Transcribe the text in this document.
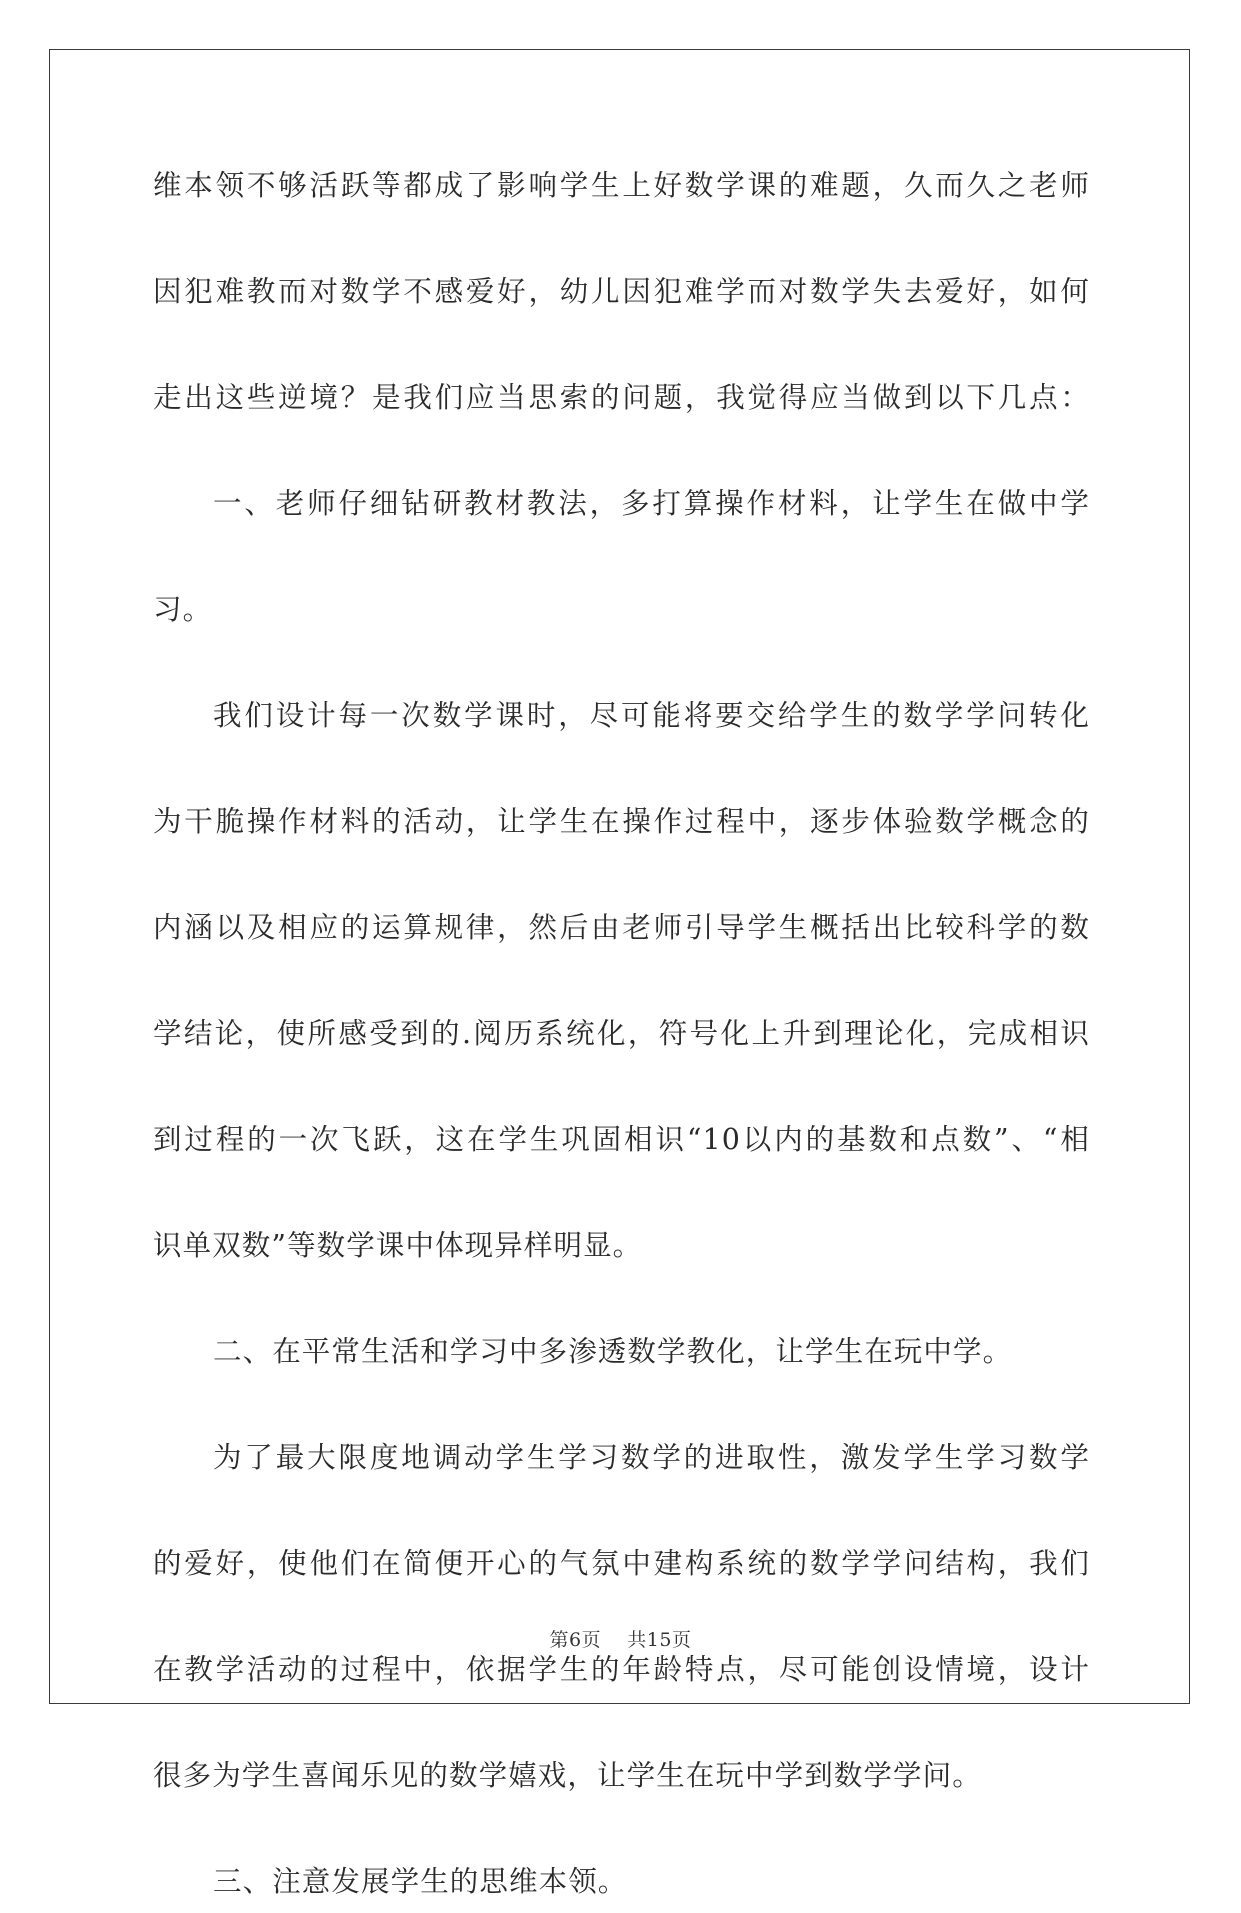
维本领不够活跃等都成了影响学生上好数学课的难题，久而久之老师
因犯难教而对数学不感爱好，幼儿因犯难学而对数学失去爱好，如何
走出这些逆境？是我们应当思索的问题，我觉得应当做到以下几点：
一、老师仔细钻研教材教法，多打算操作材料，让学生在做中学
习。
我们设计每一次数学课时，尽可能将要交给学生的数学学问转化
为干脆操作材料的活动，让学生在操作过程中，逐步体验数学概念的
内涵以及相应的运算规律，然后由老师引导学生概括出比较科学的数
学结论，使所感受到的.阅历系统化，符号化上升到理论化，完成相识
到过程的一次飞跃，这在学生巩固相识“10以内的基数和点数”、“相
识单双数”等数学课中体现异样明显。
二、在平常生活和学习中多渗透数学教化，让学生在玩中学。
为了最大限度地调动学生学习数学的进取性，激发学生学习数学
的爱好，使他们在简便开心的气氛中建构系统的数学学问结构，我们
在教学活动的过程中，依据学生的年龄特点，尽可能创设情境，设计
很多为学生喜闻乐见的数学嬉戏，让学生在玩中学到数学学问。
三、注意发展学生的思维本领。
第6页 共15页
